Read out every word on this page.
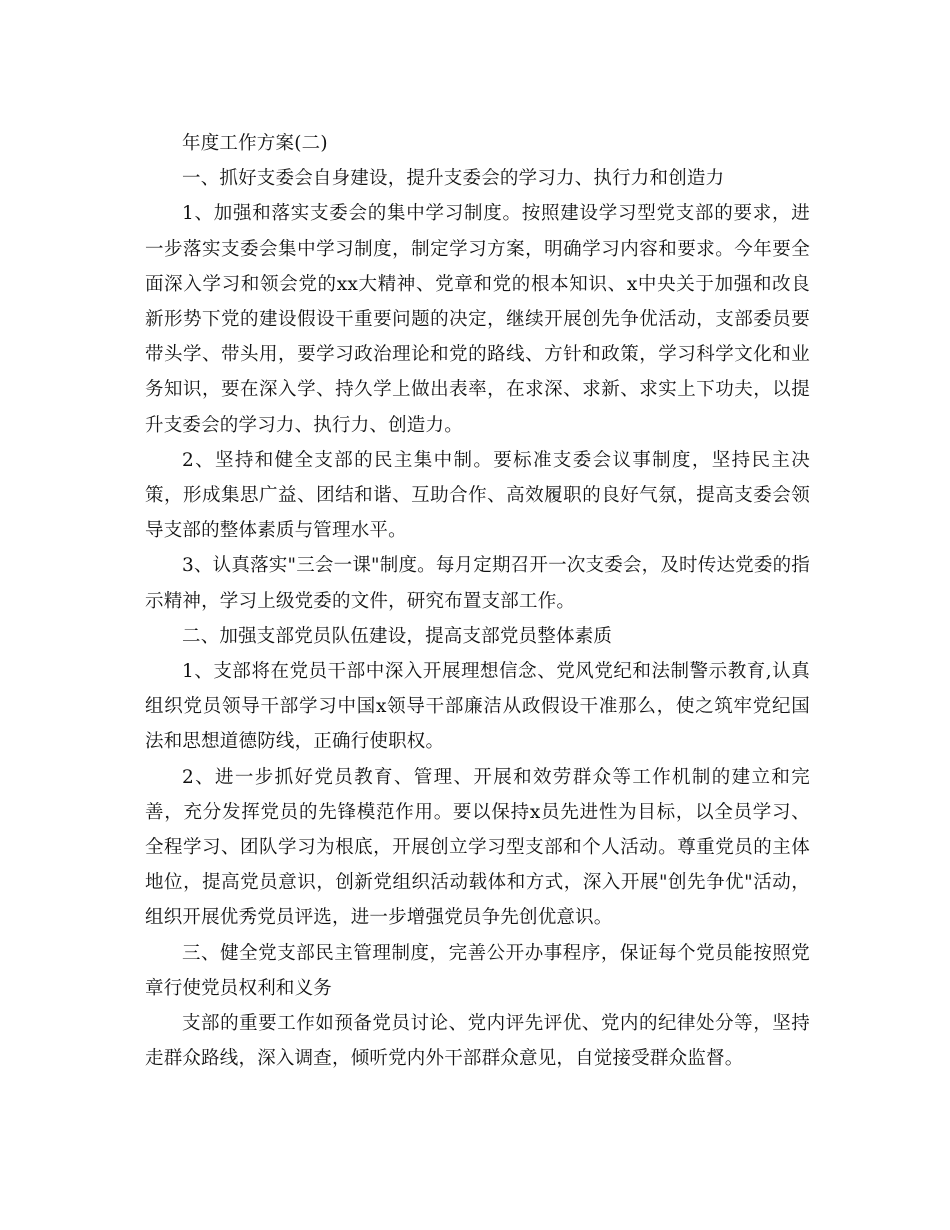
年度工作方案(二)

一、抓好支委会自身建设，提升支委会的学习力、执行力和创造力

1、加强和落实支委会的集中学习制度。按照建设学习型党支部的要求，进一步落实支委会集中学习制度，制定学习方案，明确学习内容和要求。今年要全面深入学习和领会党的xx大精神、党章和党的根本知识、x中央关于加强和改良新形势下党的建设假设干重要问题的决定，继续开展创先争优活动，支部委员要带头学、带头用，要学习政治理论和党的路线、方针和政策，学习科学文化和业务知识，要在深入学、持久学上做出表率，在求深、求新、求实上下功夫，以提升支委会的学习力、执行力、创造力。

2、坚持和健全支部的民主集中制。要标准支委会议事制度，坚持民主决策，形成集思广益、团结和谐、互助合作、高效履职的良好气氛，提高支委会领导支部的整体素质与管理水平。

3、认真落实"三会一课"制度。每月定期召开一次支委会，及时传达党委的指示精神，学习上级党委的文件，研究布置支部工作。

二、加强支部党员队伍建设，提高支部党员整体素质

1、支部将在党员干部中深入开展理想信念、党风党纪和法制警示教育,认真组织党员领导干部学习中国x领导干部廉洁从政假设干准那么，使之筑牢党纪国法和思想道德防线，正确行使职权。

2、进一步抓好党员教育、管理、开展和效劳群众等工作机制的建立和完善，充分发挥党员的先锋模范作用。要以保持x员先进性为目标，以全员学习、全程学习、团队学习为根底，开展创立学习型支部和个人活动。尊重党员的主体地位，提高党员意识，创新党组织活动载体和方式，深入开展"创先争优"活动，组织开展优秀党员评选，进一步增强党员争先创优意识。

三、健全党支部民主管理制度，完善公开办事程序，保证每个党员能按照党章行使党员权利和义务

支部的重要工作如预备党员讨论、党内评先评优、党内的纪律处分等，坚持走群众路线，深入调查，倾听党内外干部群众意见，自觉接受群众监督。
